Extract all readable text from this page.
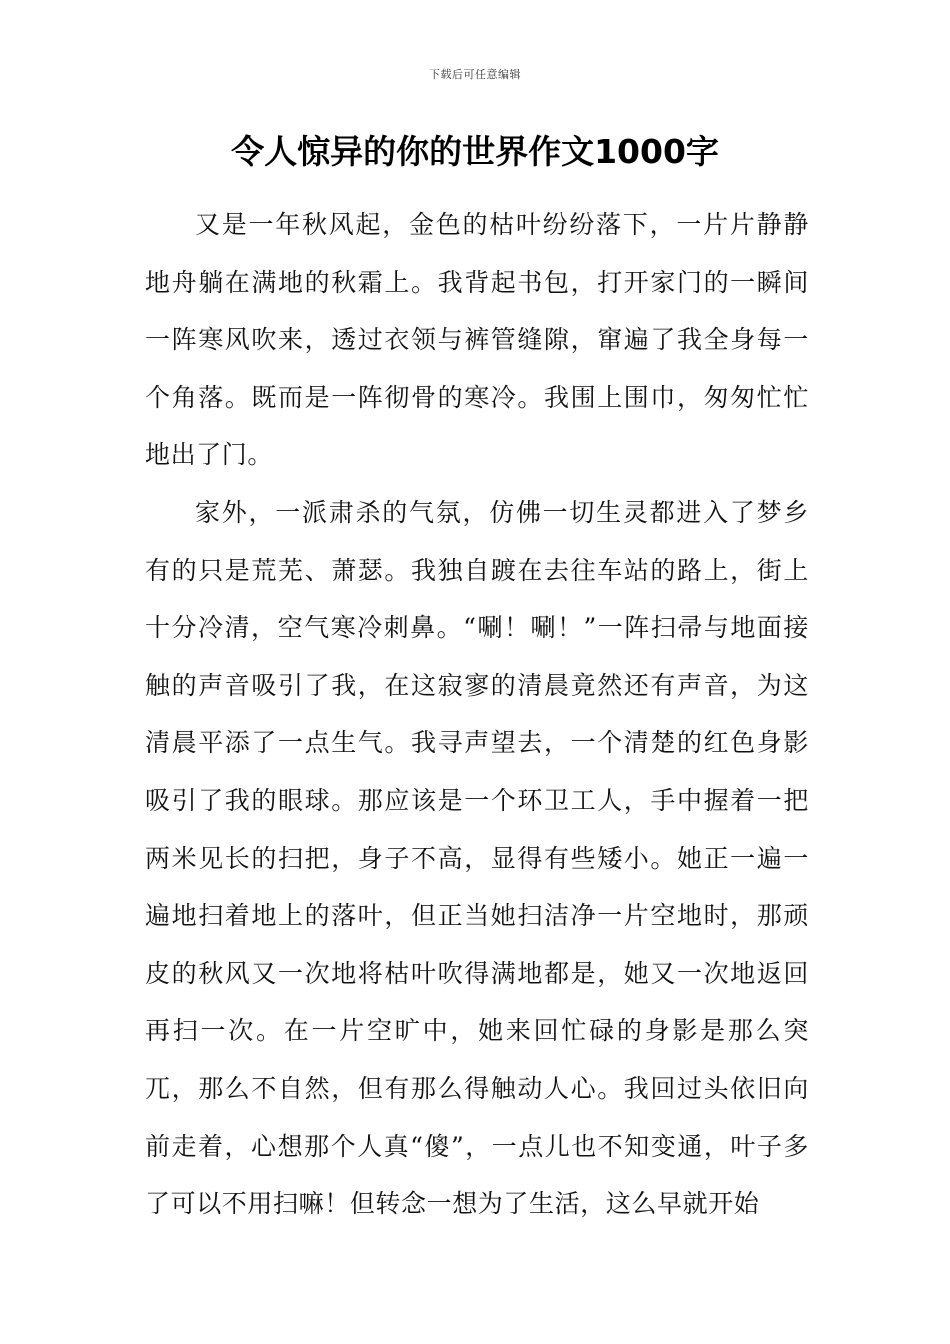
下载后可任意编辑
令人惊异的你的世界作文1000字

又是一年秋风起，金色的枯叶纷纷落下，一片片静静地舟躺在满地的秋霜上。我背起书包，打开家门的一瞬间一阵寒风吹来，透过衣领与裤管缝隙，窜遍了我全身每一个角落。既而是一阵彻骨的寒冷。我围上围巾，匆匆忙忙地出了门。

家外，一派肃杀的气氛，仿佛一切生灵都进入了梦乡有的只是荒芜、萧瑟。我独自踱在去往车站的路上，街上十分冷清，空气寒冷刺鼻。“唰！唰！”一阵扫帚与地面接触的声音吸引了我，在这寂寥的清晨竟然还有声音，为这清晨平添了一点生气。我寻声望去，一个清楚的红色身影吸引了我的眼球。那应该是一个环卫工人，手中握着一把两米见长的扫把，身子不高，显得有些矮小。她正一遍一遍地扫着地上的落叶，但正当她扫洁净一片空地时，那顽皮的秋风又一次地将枯叶吹得满地都是，她又一次地返回再扫一次。在一片空旷中，她来回忙碌的身影是那么突兀，那么不自然，但有那么得触动人心。我回过头依旧向前走着，心想那个人真“傻”，一点儿也不知变通，叶子多了可以不用扫嘛！但转念一想为了生活，这么早就开始
